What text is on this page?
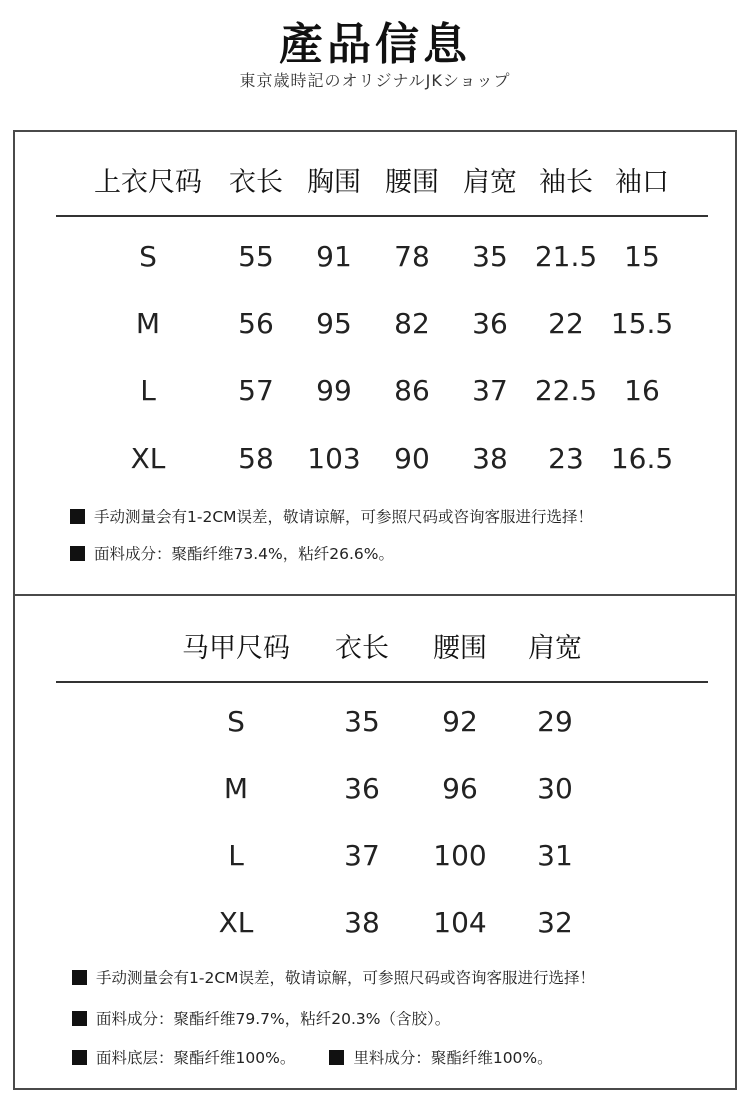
產品信息
東京歳時記のオリジナルJKショップ
上衣尺码 衣长 胸围 腰围 肩宽 袖长 袖口
S	55 91 78 35 21.5 15
M	56 95 82 36 22 15.5
L	57 99 86 37 22.5 16
XL	58 103 90 38 23 16.5
手动测量会有1-2CM误差，敬请谅解，可参照尺码或咨询客服进行选择！
面料成分：聚酯纤维73.4%，粘纤26.6%。
马甲尺码 衣长 腰围 肩宽
S	35 92 29
M	36 96 30
L	37 100 31
XL	38 104 32
手动测量会有1-2CM误差，敬请谅解，可参照尺码或咨询客服进行选择！
面料成分：聚酯纤维79.7%，粘纤20.3%（含胶）。
面料底层：聚酯纤维100%。	里料成分：聚酯纤维100%。
